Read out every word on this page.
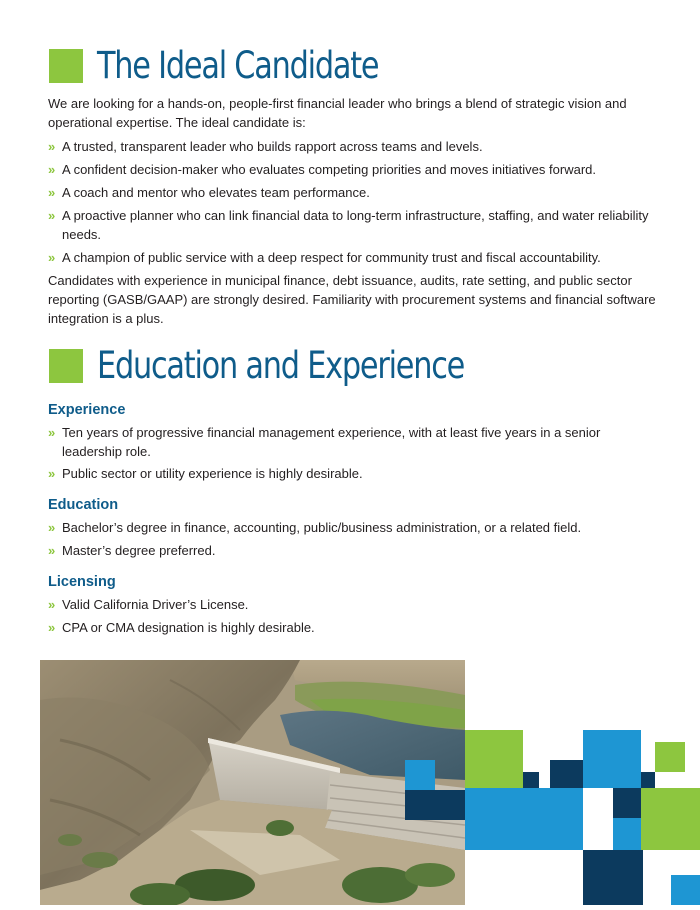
The Ideal Candidate

We are looking for a hands-on, people-first financial leader who brings a blend of strategic vision and operational expertise. The ideal candidate is:

» A trusted, transparent leader who builds rapport across teams and levels.
» A confident decision-maker who evaluates competing priorities and moves initiatives forward.
» A coach and mentor who elevates team performance.
» A proactive planner who can link financial data to long-term infrastructure, staffing, and water reliability needs.
» A champion of public service with a deep respect for community trust and fiscal accountability.

Candidates with experience in municipal finance, debt issuance, audits, rate setting, and public sector reporting (GASB/GAAP) are strongly desired. Familiarity with procurement systems and financial software integration is a plus.

Education and Experience
Experience
» Ten years of progressive financial management experience, with at least five years in a senior leadership role.
» Public sector or utility experience is highly desirable.
Education
» Bachelor’s degree in finance, accounting, public/business administration, or a related field.
» Master’s degree preferred.
Licensing
» Valid California Driver’s License.
» CPA or CMA designation is highly desirable.
